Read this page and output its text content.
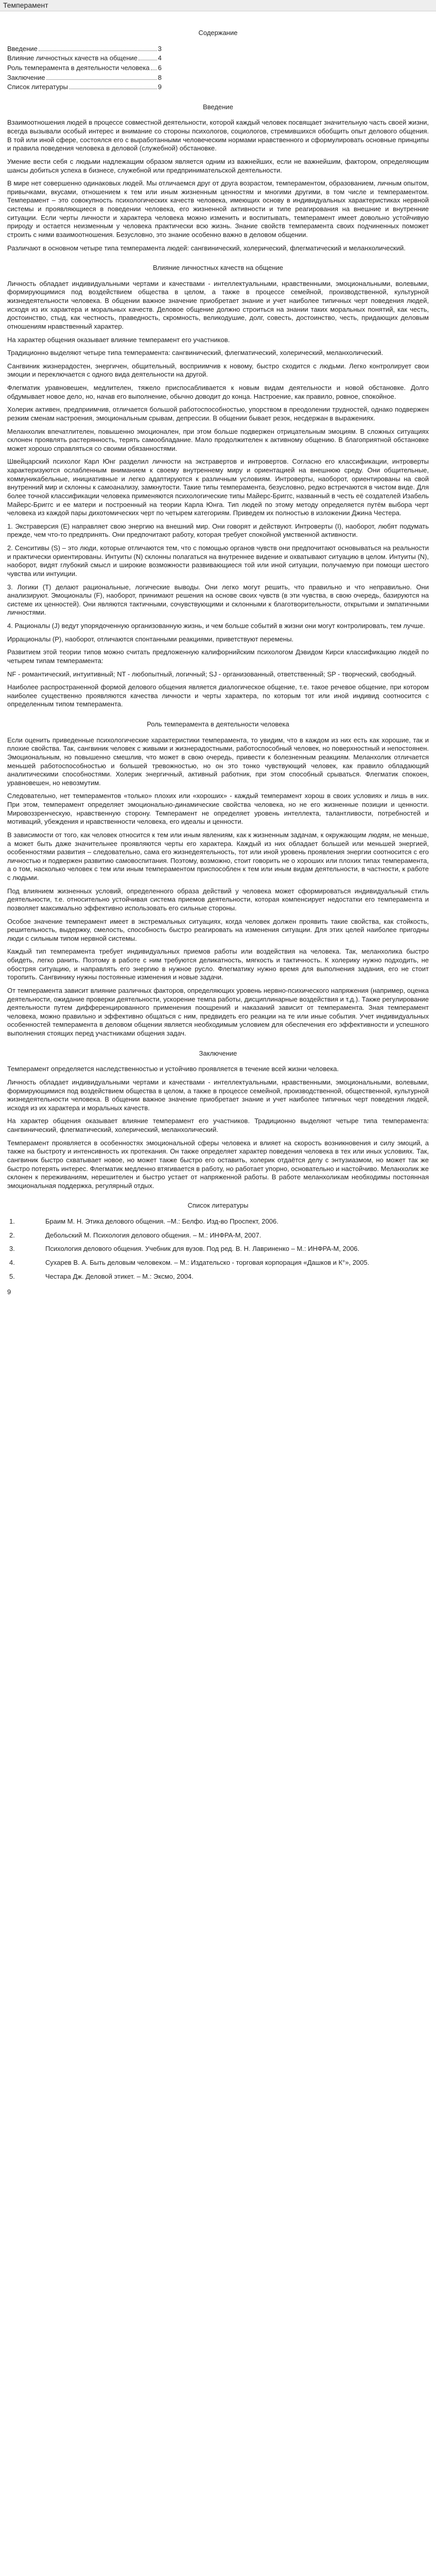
Темперамент
Содержание
Введение	3
Влияние личностных качеств на общение	4
Роль темперамента в деятельности человека 6
Заключение	8
Список литературы	9
Введение

Взаимоотношения людей в процессе совместной деятельности, которой каждый человек посвящает значительную часть своей жизни, всегда вызывали особый интерес и внимание со стороны психологов, социологов, стремившихся обобщить опыт делового общения. В той или иной сфере, состоялся его с выработанными человеческим нормами нравственного и сформулировать основные принципы и правила поведения человека в деловой (служебной) обстановке.

Умение вести себя с людьми надлежащим образом является одним из важнейших, если не важнейшим, фактором, определяющим шансы добиться успеха в бизнесе, служебной или предпринимательской деятельности.

В мире нет совершенно одинаковых людей. Мы отличаемся друг от друга возрастом, темпераментом, образованием, личным опытом, привычками, вкусами, отношением к тем или иным жизненным ценностям и многими другими, в том числе и темпераментом. Темперамент – это совокупность психологических качеств человека, имеющих основу в индивидуальных характеристиках нервной системы и проявляющиеся в поведении человека, его жизненной активности и типе реагирования на внешние и внутренние ситуации. Если черты личности и характера человека можно изменить и воспитывать, темперамент имеет довольно устойчивую природу и остается неизменным у человека практически всю жизнь. Знание свойств темперамента своих подчиненных поможет строить с ними взаимоотношения. Безусловно, это знание особенно важно в деловом общении.

Различают в основном четыре типа темперамента людей: сангвинический, холерический, флегматический и меланхолический.

Влияние личностных качеств на общение

Личность обладает индивидуальными чертами и качествами - интеллектуальными, нравственными, эмоциональными, волевыми, формирующимися под воздействием общества в целом, а также в процессе семейной, производственной, культурной жизнедеятельности человека. В общении важное значение приобретает знание и учет наиболее типичных черт поведения людей, исходя из их характера и моральных качеств. Деловое общение должно строиться на знании таких моральных понятий, как честь, достоинство, стыд, как честность, праведность, скромность, великодушие, долг, совесть, достоинство, честь, придающих деловым отношениям нравственный характер.

На характер общения оказывает влияние темперамент его участников.

Традиционно выделяют четыре типа темперамента: сангвинический, флегматический, холерический, меланхолический.

Сангвиник жизнерадостен, энергичен, общительный, восприимчив к новому, быстро сходится с людьми. Легко контролирует свои эмоции и переключается с одного вида деятельности на другой.

Флегматик уравновешен, медлителен, тяжело приспосабливается к новым видам деятельности и новой обстановке. Долго обдумывает новое дело, но, начав его выполнение, обычно доводит до конца. Настроение, как правило, ровное, спокойное.

Холерик активен, предприимчив, отличается большой работоспособностью, упорством в преодолении трудностей, однако подвержен резким сменам настроения, эмоциональным срывам, депрессии. В общении бывает резок, несдержан в выражениях.

Меланхолик впечатлителен, повышенно эмоционален, при этом больше подвержен отрицательным эмоциям. В сложных ситуациях склонен проявлять растерянность, терять самообладание. Мало продолжителен к активному общению. В благоприятной обстановке может хорошо справляться со своими обязанностями.

Швейцарский психолог Карл Юнг разделил личности на экстравертов и интровертов. Согласно его классификации, интроверты характеризуются ослабленным вниманием к своему внутреннему миру и ориентацией на внешнюю среду. Они общительные, коммуникабельные, инициативные и легко адаптируются к различным условиям. Интроверты, наоборот, ориентированы на свой внутренний мир и склонны к самоанализу, замкнутости. Такие типы темперамента, безусловно, редко встречаются в чистом виде. Для более точной классификации человека применяются психологические типы Майерс-Бриггс, названный в честь её создателей Изабель Майерс-Бриггс и ее матери и построенный на теории Карла Юнга. Тип людей по этому методу определяется путём выбора черт человека из каждой пары дихотомических черт по четырем категориям. Приведем их полностью в изложении Джина Честера.

1. Экстраверсия (E) направляет свою энергию на внешний мир. Они говорят и действуют. Интроверты (I), наоборот, любят подумать прежде, чем что-то предпринять. Они предпочитают работу, которая требует спокойной умственной активности.

2. Сенситивы (S) – это люди, которые отличаются тем, что с помощью органов чувств они предпочитают основываться на реальности и практически ориентированы. Интуиты (N) склонны полагаться на внутреннее видение и охватывают ситуацию в целом. Интуиты (N), наоборот, видят глубокий смысл и широкие возможности развивающиеся той или иной ситуации, получаемую при помощи шестого чувства или интуиции.

3. Логики (T) делают рациональные, логические выводы. Они легко могут решить, что правильно и что неправильно. Они анализируют. Эмоционалы (F), наоборот, принимают решения на основе своих чувств (в эти чувства, в свою очередь, базируются на системе их ценностей). Они являются тактичными, сочувствующими и склонными к благотворительности, открытыми и эмпатичными личностями.

4. Рационалы (J) ведут упорядоченную организованную жизнь, и чем больше событий в жизни они могут контролировать, тем лучше.

Иррационалы (P), наоборот, отличаются спонтанными реакциями, приветствуют перемены.

Развитием этой теории типов можно считать предложенную калифорнийским психологом Дэвидом Кирси классификацию людей по четырем типам темперамента:

NF - романтический, интуитивный; NT - любопытный, логичный; SJ - организованный, ответственный; SP - творческий, свободный.

Наиболее распространенной формой делового общения является диалогическое общение, т.е. такое речевое общение, при котором наиболее существенно проявляются качества личности и черты характера, по которым тот или иной индивид соотносится с определенным типом темперамента.

Роль темперамента в деятельности человека

Если оценить приведенные психологические характеристики темперамента, то увидим, что в каждом из них есть как хорошие, так и плохие свойства. Так, сангвиник человек с живыми и жизнерадостными, работоспособный человек, но поверхностный и непостоянен. Эмоциональным, но повышенно смешлив, что может в свою очередь, привести к болезненным реакциям. Меланхолик отличается меньшей работоспособностью и большей тревожностью, но он это тонко чувствующий человек, как правило обладающий аналитическими способностями. Холерик энергичный, активный работник, при этом способный срываться. Флегматик спокоен, уравновешен, но невозмутим.

Следовательно, нет темпераментов «только» плохих или «хороших» - каждый темперамент хорош в своих условиях и лишь в них. При этом, темперамент определяет эмоционально-динамические свойства человека, но не его жизненные позиции и ценности. Мировоззренческую, нравственную сторону. Темперамент не определяет уровень интеллекта, талантливости, потребностей и мотиваций, убеждения и нравственности человека, его идеалы и ценности.

В зависимости от того, как человек относится к тем или иным явлениям, как к жизненным задачам, к окружающим людям, не меньше, а может быть даже значительнее проявляются черты его характера. Каждый из них обладает большей или меньшей энергией, особенностями развития – следовательно, сама его жизнедеятельность, тот или иной уровень проявления энергии соотносится с его личностью и подвержен развитию самовоспитания. Поэтому, возможно, стоит говорить не о хороших или плохих типах темперамента, а о том, насколько человек с тем или иным темпераментом приспособлен к тем или иным видам деятельности, в частности, к работе с людьми.

Под влиянием жизненных условий, определенного образа действий у человека может сформироваться индивидуальный стиль деятельности, т.е. относительно устойчивая система приемов деятельности, которая компенсирует недостатки его темперамента и позволяет максимально эффективно использовать его сильные стороны.

Особое значение темперамент имеет в экстремальных ситуациях, когда человек должен проявить такие свойства, как стойкость, решительность, выдержку, смелость, способность быстро реагировать на изменения ситуации. Для этих целей наиболее пригодны люди с сильным типом нервной системы.

Каждый тип темперамента требует индивидуальных приемов работы или воздействия на человека. Так, меланхолика быстро обидеть, легко ранить. Поэтому в работе с ним требуются деликатность, мягкость и тактичность. К холерику нужно подходить, не обостряя ситуацию, и направлять его энергию в нужное русло. Флегматику нужно время для выполнения задания, его не стоит торопить. Сангвинику нужны постоянные изменения и новые задачи.

От темперамента зависит влияние различных факторов, определяющих уровень нервно-психического напряжения (например, оценка деятельности, ожидание проверки деятельности, ускорение темпа работы, дисциплинарные воздействия и т.д.). Также регулирование деятельности путем дифференцированного применения поощрений и наказаний зависит от темперамента. Зная темперамент человека, можно правильно и эффективно общаться с ним, предвидеть его реакции на те или иные события. Учет индивидуальных особенностей темперамента в деловом общении является необходимым условием для обеспечения его эффективности и успешного выполнения стоящих перед участниками общения задач.

Заключение

Темперамент определяется наследственностью и устойчиво проявляется в течение всей жизни человека.

Личность обладает индивидуальными чертами и качествами - интеллектуальными, нравственными, эмоциональными, волевыми, формирующимися под воздействием общества в целом, а также в процессе семейной, производственной, общественной, культурной жизнедеятельности человека. В общении важное значение приобретает знание и учет наиболее типичных черт поведения людей, исходя из их характера и моральных качеств.

На характер общения оказывает влияние темперамент его участников. Традиционно выделяют четыре типа темперамента: сангвинический, флегматический, холерический, меланхолический.

Темперамент проявляется в особенностях эмоциональной сферы человека и влияет на скорость возникновения и силу эмоций, а также на быстроту и интенсивность их протекания. Он также определяет характер поведения человека в тех или иных условиях. Так, сангвиник быстро схватывает новое, но может также быстро его оставить, холерик отдаётся делу с энтузиазмом, но может так же быстро потерять интерес. Флегматик медленно втягивается в работу, но работает упорно, основательно и настойчиво. Меланхолик же склонен к переживаниям, нерешителен и быстро устает от напряженной работы. В работе меланхоликам необходимы постоянная эмоциональная поддержка, регулярный отдых.

Список литературы
1.	Браим М. Н. Этика делового общения. –М.: Белфо. Изд-во Проспект, 2006.
2.	Дебольский М. Психология делового общения. – М.: ИНФРА-М, 2007.
3.	Психология делового общения. Учебник для вузов. Под ред. В. Н. Лавриненко – М.: ИНФРА-М, 2006.
4.	Сухарев В. А. Быть деловым человеком. – М.: Издательско - торговая корпорация «Дашков и К°», 2005.
5.	Честара Дж. Деловой этикет. – М.: Эксмо, 2004.
9
